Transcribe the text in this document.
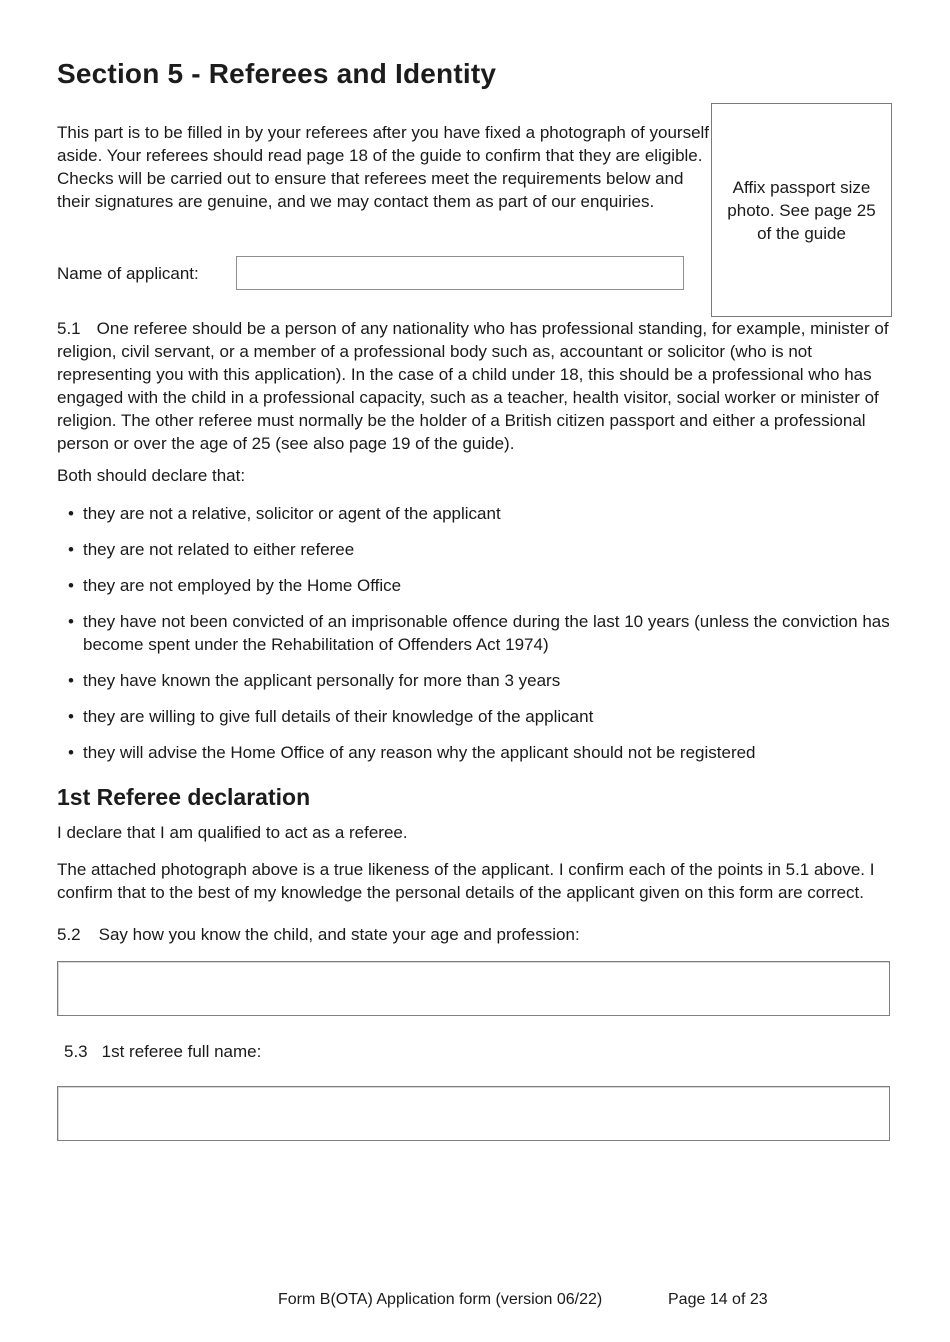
Section 5 - Referees and Identity

This part is to be filled in by your referees after you have fixed a photograph of yourself aside. Your referees should read page 18 of the guide to confirm that they are eligible. Checks will be carried out to ensure that referees meet the requirements below and their signatures are genuine, and we may contact them as part of our enquiries.

Affix passport size photo. See page 25 of the guide
Name of applicant:

5.1 One referee should be a person of any nationality who has professional standing, for example, minister of religion, civil servant, or a member of a professional body such as, accountant or solicitor (who is not representing you with this application). In the case of a child under 18, this should be a professional who has engaged with the child in a professional capacity, such as a teacher, health visitor, social worker or minister of religion. The other referee must normally be the holder of a British citizen passport and either a professional person or over the age of 25 (see also page 19 of the guide).

Both should declare that:

• they are not a relative, solicitor or agent of the applicant
• they are not related to either referee
• they are not employed by the Home Office
• they have not been convicted of an imprisonable offence during the last 10 years (unless the conviction has become spent under the Rehabilitation of Offenders Act 1974)
• they have known the applicant personally for more than 3 years
• they are willing to give full details of their knowledge of the applicant
• they will advise the Home Office of any reason why the applicant should not be registered
1st Referee declaration

I declare that I am qualified to act as a referee.

The attached photograph above is a true likeness of the applicant. I confirm each of the points in 5.1 above. I confirm that to the best of my knowledge the personal details of the applicant given on this form are correct.

5.2 Say how you know the child, and state your age and profession:

5.3 1st referee full name:

Form B(OTA) Application form (version 06/22)	Page 14 of 23
